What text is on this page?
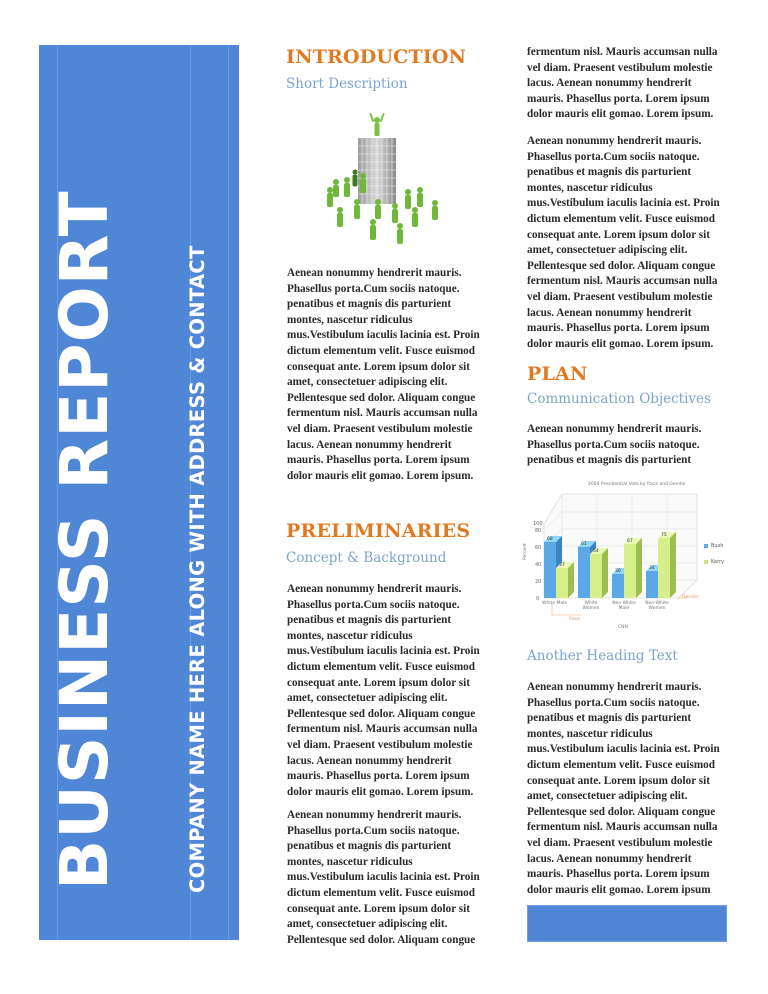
BUSINESS REPORT	COMPANY NAME HERE ALONG WITH ADDRESS & CONTACT
INTRODUCTION
Short Description
Aenean nonummy hendrerit mauris.
Phasellus porta.Cum sociis natoque.
penatibus et magnis dis parturient
montes, nascetur ridiculus
mus.Vestibulum iaculis lacinia est. Proin
dictum elementum velit. Fusce euismod
consequat ante. Lorem ipsum dolor sit
amet, consectetuer adipiscing elit.
Pellentesque sed dolor. Aliquam congue
fermentum nisl. Mauris accumsan nulla
vel diam. Praesent vestibulum molestie
lacus. Aenean nonummy hendrerit
mauris. Phasellus porta. Lorem ipsum
dolor mauris elit gomao. Lorem ipsum.
PRELIMINARIES
Concept & Background
Aenean nonummy hendrerit mauris.
Phasellus porta.Cum sociis natoque.
penatibus et magnis dis parturient
montes, nascetur ridiculus
mus.Vestibulum iaculis lacinia est. Proin
dictum elementum velit. Fusce euismod
consequat ante. Lorem ipsum dolor sit
amet, consectetuer adipiscing elit.
Pellentesque sed dolor. Aliquam congue
fermentum nisl. Mauris accumsan nulla
vel diam. Praesent vestibulum molestie
lacus. Aenean nonummy hendrerit
mauris. Phasellus porta. Lorem ipsum
dolor mauris elit gomao. Lorem ipsum.
Aenean nonummy hendrerit mauris.
Phasellus porta.Cum sociis natoque.
penatibus et magnis dis parturient
montes, nascetur ridiculus
mus.Vestibulum iaculis lacinia est. Proin
dictum elementum velit. Fusce euismod
consequat ante. Lorem ipsum dolor sit
amet, consectetuer adipiscing elit.
Pellentesque sed dolor. Aliquam congue
fermentum nisl. Mauris accumsan nulla
vel diam. Praesent vestibulum molestie
lacus. Aenean nonummy hendrerit
mauris. Phasellus porta. Lorem ipsum
dolor mauris elit gomao. Lorem ipsum.
Aenean nonummy hendrerit mauris.
Phasellus porta.Cum sociis natoque.
penatibus et magnis dis parturient
montes, nascetur ridiculus
mus.Vestibulum iaculis lacinia est. Proin
dictum elementum velit. Fusce euismod
consequat ante. Lorem ipsum dolor sit
amet, consectetuer adipiscing elit.
Pellentesque sed dolor. Aliquam congue
fermentum nisl. Mauris accumsan nulla
vel diam. Praesent vestibulum molestie
lacus. Aenean nonummy hendrerit
mauris. Phasellus porta. Lorem ipsum
dolor mauris elit gomao. Lorem ipsum.
PLAN
Communication Objectives
Aenean nonummy hendrerit mauris.
Phasellus porta.Cum sociis natoque.
penatibus et magnis dis parturient
2004 Presidential Vote by Race and Gender
68
37
61
54
30
67
34
75
0
20
40
60
80
100
Percent	Bush
Kerry
White Male	White Women
Non-White Male
Non-White Women
Gender
Race
CNN
Another Heading Text
Aenean nonummy hendrerit mauris.
Phasellus porta.Cum sociis natoque.
penatibus et magnis dis parturient
montes, nascetur ridiculus
mus.Vestibulum iaculis lacinia est. Proin
dictum elementum velit. Fusce euismod
consequat ante. Lorem ipsum dolor sit
amet, consectetuer adipiscing elit.
Pellentesque sed dolor. Aliquam congue
fermentum nisl. Mauris accumsan nulla
vel diam. Praesent vestibulum molestie
lacus. Aenean nonummy hendrerit
mauris. Phasellus porta. Lorem ipsum
dolor mauris elit gomao. Lorem ipsum
